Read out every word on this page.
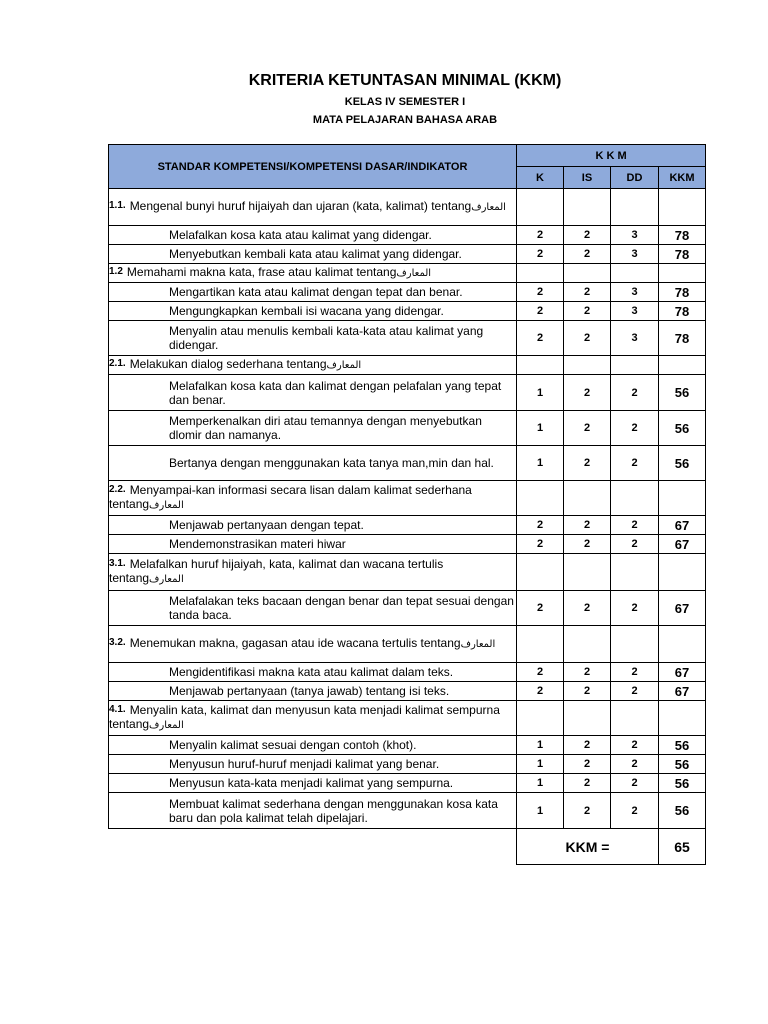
KRITERIA KETUNTASAN MINIMAL (KKM)
KELAS IV SEMESTER I
MATA PELAJARAN BAHASA ARAB
STANDAR KOMPETENSI/KOMPETENSI DASAR/INDIKATOR	K K M			
	K	IS	DD	KKM
$^{1.1.}$ Mengenal bunyi huruf hijaiyah dan ujaran (kata, kalimat) tentangالمعارف				

Melafalkan kosa kata atau kalimat yang didengar.	2	2	3	78

Menyebutkan kembali kata atau kalimat yang didengar.	2	2	3	78
$^{1.2}$ Memahami makna kata, frase atau kalimat tentangالمعارف				

Mengartikan kata atau kalimat dengan tepat dan benar.	2	2	3	78

Mengungkapkan kembali isi wacana yang didengar.	2	2	3	78

Menyalin atau menulis kembali kata-kata atau kalimat yang didengar.	2	2	3	78
$^{2.1.}$ Melakukan dialog sederhana tentangالمعارف				

Melafalkan kosa kata dan kalimat dengan pelafalan yang tepat dan benar.	1	2	2	56

Memperkenalkan diri atau temannya dengan menyebutkan dlomir dan namanya.	1	2	2	56

Bertanya dengan menggunakan kata tanya man,min dan hal.	1	2	2	56
$^{2.2.}$ Menyampai-kan informasi secara lisan dalam kalimat sederhana tentangالمعارف				

Menjawab pertanyaan dengan tepat.	2	2	2	67

Mendemonstrasikan materi hiwar	2	2	2	67
$^{3.1.}$ Melafalkan huruf hijaiyah, kata, kalimat dan wacana tertulis tentangالمعارف				

Melafalakan teks bacaan dengan benar dan tepat sesuai dengan tanda baca.	2	2	2	67
$^{3.2.}$ Menemukan makna, gagasan atau ide wacana tertulis tentangالمعارف				

Mengidentifikasi makna kata atau kalimat dalam teks.	2	2	2	67

Menjawab pertanyaan (tanya jawab) tentang isi teks.	2	2	2	67
$^{4.1.}$ Menyalin kata, kalimat dan menyusun kata menjadi kalimat sempurna tentangالمعارف				

Menyalin kalimat sesuai dengan contoh (khot).	1	2	2	56

Menyusun huruf-huruf menjadi kalimat yang benar.	1	2	2	56

Menyusun kata-kata menjadi kalimat yang sempurna.	1	2	2	56

Membuat kalimat sederhana dengan menggunakan kosa kata baru dan pola kalimat telah dipelajari.	1	2	2	56
	KKM =			65
